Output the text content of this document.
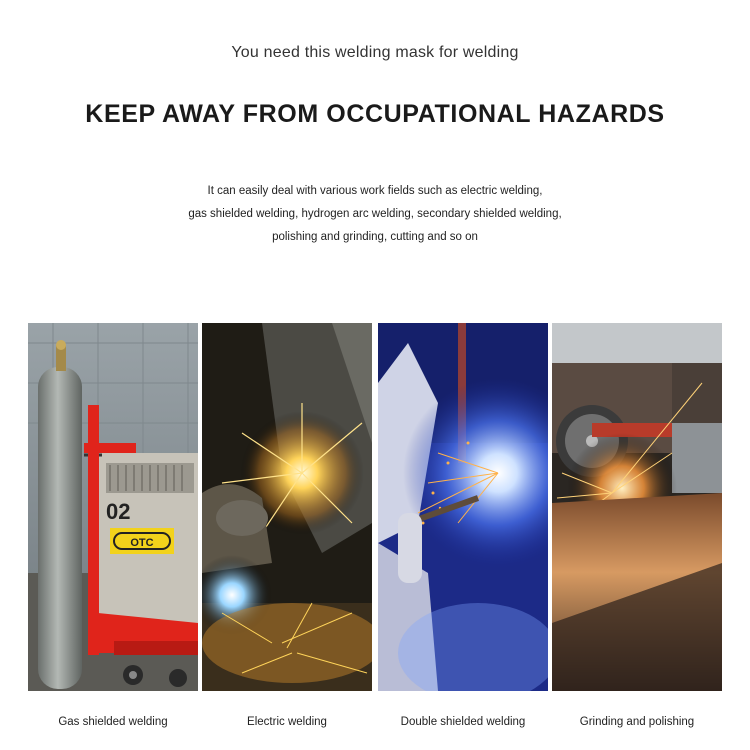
You need this welding mask for welding
KEEP AWAY FROM OCCUPATIONAL HAZARDS
It can easily deal with various work fields such as electric welding,
gas shielded welding, hydrogen arc welding, secondary shielded welding,
polishing and grinding, cutting and so on
02
OTC
Gas shielded welding	Electric welding	Double shielded welding	Grinding and polishing
